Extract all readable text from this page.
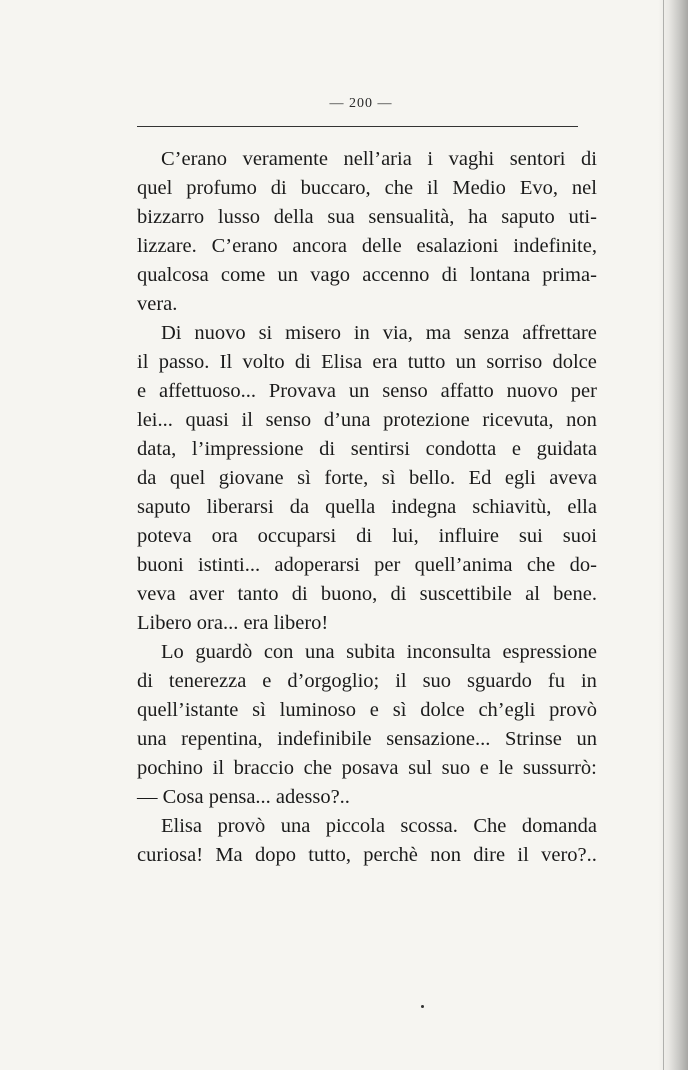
— 200 —
C’erano veramente nell’aria i vaghi sentori di
quel profumo di buccaro, che il Medio Evo, nel
bizzarro lusso della sua sensualità, ha saputo uti-
lizzare. C’erano ancora delle esalazioni indefinite,
qualcosa come un vago accenno di lontana prima-
vera.
Di nuovo si misero in via, ma senza affrettare
il passo. Il volto di Elisa era tutto un sorriso dolce
e affettuoso... Provava un senso affatto nuovo per
lei... quasi il senso d’una protezione ricevuta, non
data, l’impressione di sentirsi condotta e guidata
da quel giovane sì forte, sì bello. Ed egli aveva
saputo liberarsi da quella indegna schiavitù, ella
poteva ora occuparsi di lui, influire sui suoi
buoni istinti... adoperarsi per quell’anima che do-
veva aver tanto di buono, di suscettibile al bene.
Libero ora... era libero!
Lo guardò con una subita inconsulta espressione
di tenerezza e d’orgoglio; il suo sguardo fu in
quell’istante sì luminoso e sì dolce ch’egli provò
una repentina, indefinibile sensazione... Strinse un
pochino il braccio che posava sul suo e le sussurrò:
— Cosa pensa... adesso?..
Elisa provò una piccola scossa. Che domanda
curiosa! Ma dopo tutto, perchè non dire il vero?..
